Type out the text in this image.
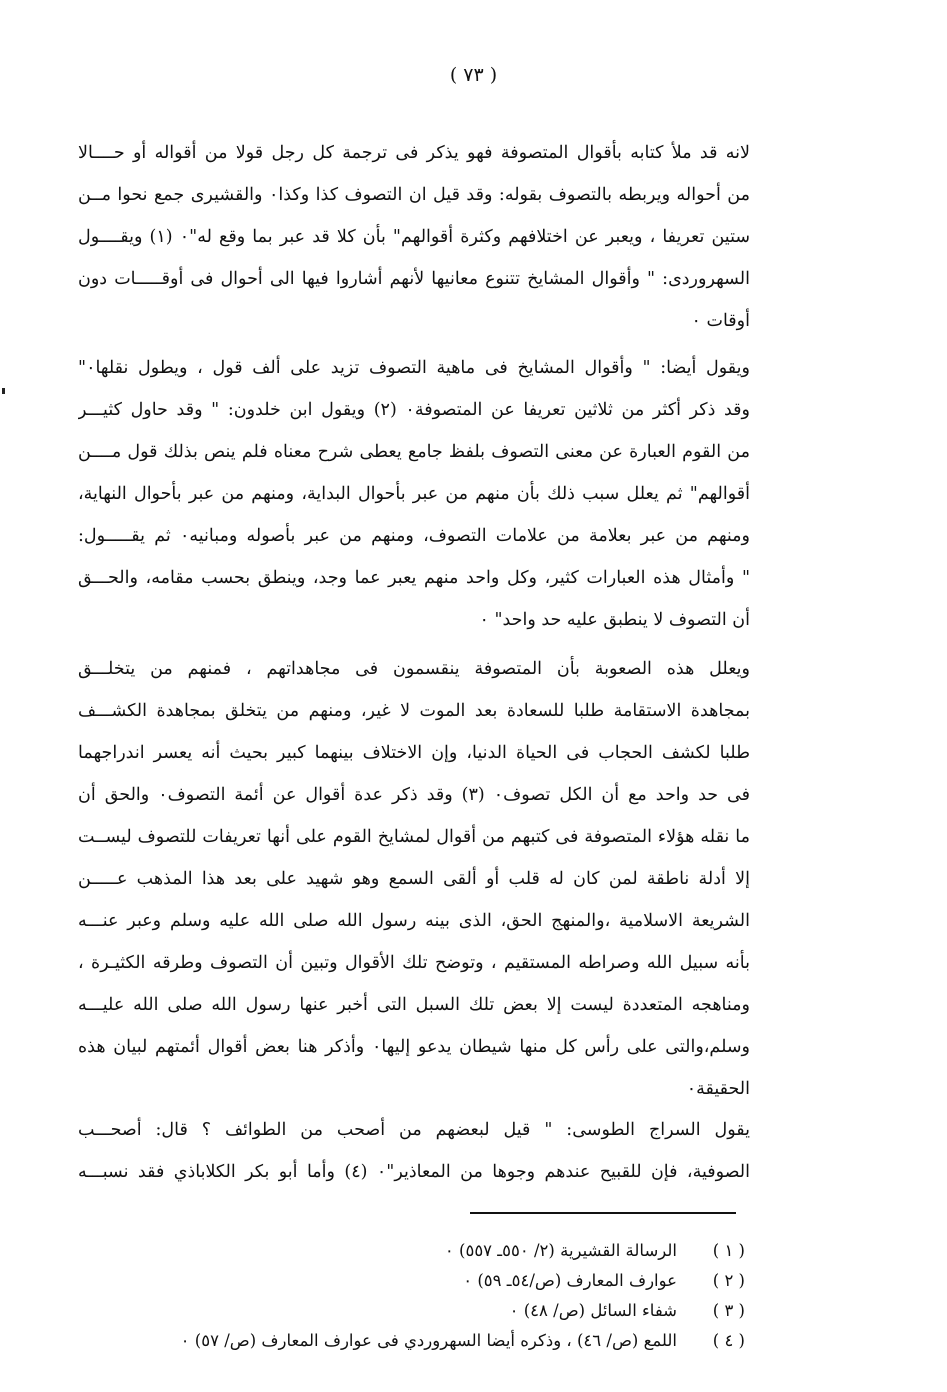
( ٧٣ )
لانه قد ملأ كتابه بأقوال المتصوفة فهو يذكر فى ترجمة كل رجل قولا من أقواله أو حــــالا
من أحواله ويربطه بالتصوف بقوله: وقد قيل ان التصوف كذا وكذا٠ والقشيرى جمع نحوا مــن
ستين تعريفا ، ويعبر عن اختلافهم وكثرة أقوالهم" بأن كلا قد عبر بما وقع له"٠ (١) ويقــــول
السهروردى: " وأقوال المشايخ تتنوع معانيها لأنهم أشاروا فيها الى أحوال فى أوقـــــات دون
أوقات ٠
ويقول أيضا: " وأقوال المشايخ فى ماهية التصوف تزيد على ألف قول ، ويطول نقلها٠"
وقد ذكر أكثر من ثلاثين تعريفا عن المتصوفة٠ (٢) ويقول ابن خلدون: " وقد حاول كثيـــر
من القوم العبارة عن معنى التصوف بلفظ جامع يعطى شرح معناه فلم ينص بذلك قول مــــن
أقوالهم" ثم يعلل سبب ذلك بأن منهم من عبر بأحوال البداية، ومنهم من عبر بأحوال النهاية،
ومنهم من عبر بعلامة من علامات التصوف، ومنهم من عبر بأصوله ومبانيه٠ ثم يقـــــول:
" وأمثال هذه العبارات كثير، وكل واحد منهم يعبر عما وجد، وينطق بحسب مقامه، والحـــق
أن التصوف لا ينطبق عليه حد واحد" ٠
ويعلل هذه الصعوبة بأن المتصوفة ينقسمون فى مجاهداتهم ، فمنهم من يتخلـــق
بمجاهدة الاستقامة طلبا للسعادة بعد الموت لا غير، ومنهم من يتخلق بمجاهدة الكشـــف
طلبا لكشف الحجاب فى الحياة الدنيا، وإن الاختلاف بينهما كبير بحيث أنه يعسر اندراجهما
فى حد واحد مع أن الكل تصوف٠ (٣) وقد ذكر عدة أقوال عن أئمة التصوف٠ والحق أن
ما نقله هؤلاء المتصوفة فى كتبهم من أقوال لمشايخ القوم على أنها تعريفات للتصوف ليســت
إلا أدلة ناطقة لمن كان له قلب أو ألقى السمع وهو شهيد على بعد هذا المذهب عـــــن
الشريعة الاسلامية ،والمنهج الحق، الذى بينه رسول الله صلى الله عليه وسلم وعبر عنـــه
بأنه سبيل الله وصراطه المستقيم ، وتوضح تلك الأقوال وتبين أن التصوف وطرقه الكثيـرة ،
ومناهجه المتعددة ليست إلا بعض تلك السبل التى أخبر عنها رسول الله صلى الله عليـــه
وسلم،والتى على رأس كل منها شيطان يدعو إليها٠ وأذكر هنا بعض أقوال أئمتهم لبيان هذه
الحقيقة٠
يقول السراج الطوسى: " قيل لبعضهم من أصحب من الطوائف ؟ قال: أصحـــب
الصوفية، فإن للقبيح عندهم وجوها من المعاذير"٠ (٤) وأما أبو بكر الكلاباذي فقد نسبـــه
( ١ )الرسالة القشيرية (٢/ ٥٥٠ـ ٥٥٧) ٠
( ٢ )عوارف المعارف (ص/٥٤ـ ٥٩) ٠
( ٣ )شفاء السائل (ص/ ٤٨) ٠
( ٤ )اللمع (ص/ ٤٦) ، وذكره أيضا السهروردي فى عوارف المعارف (ص/ ٥٧) ٠
